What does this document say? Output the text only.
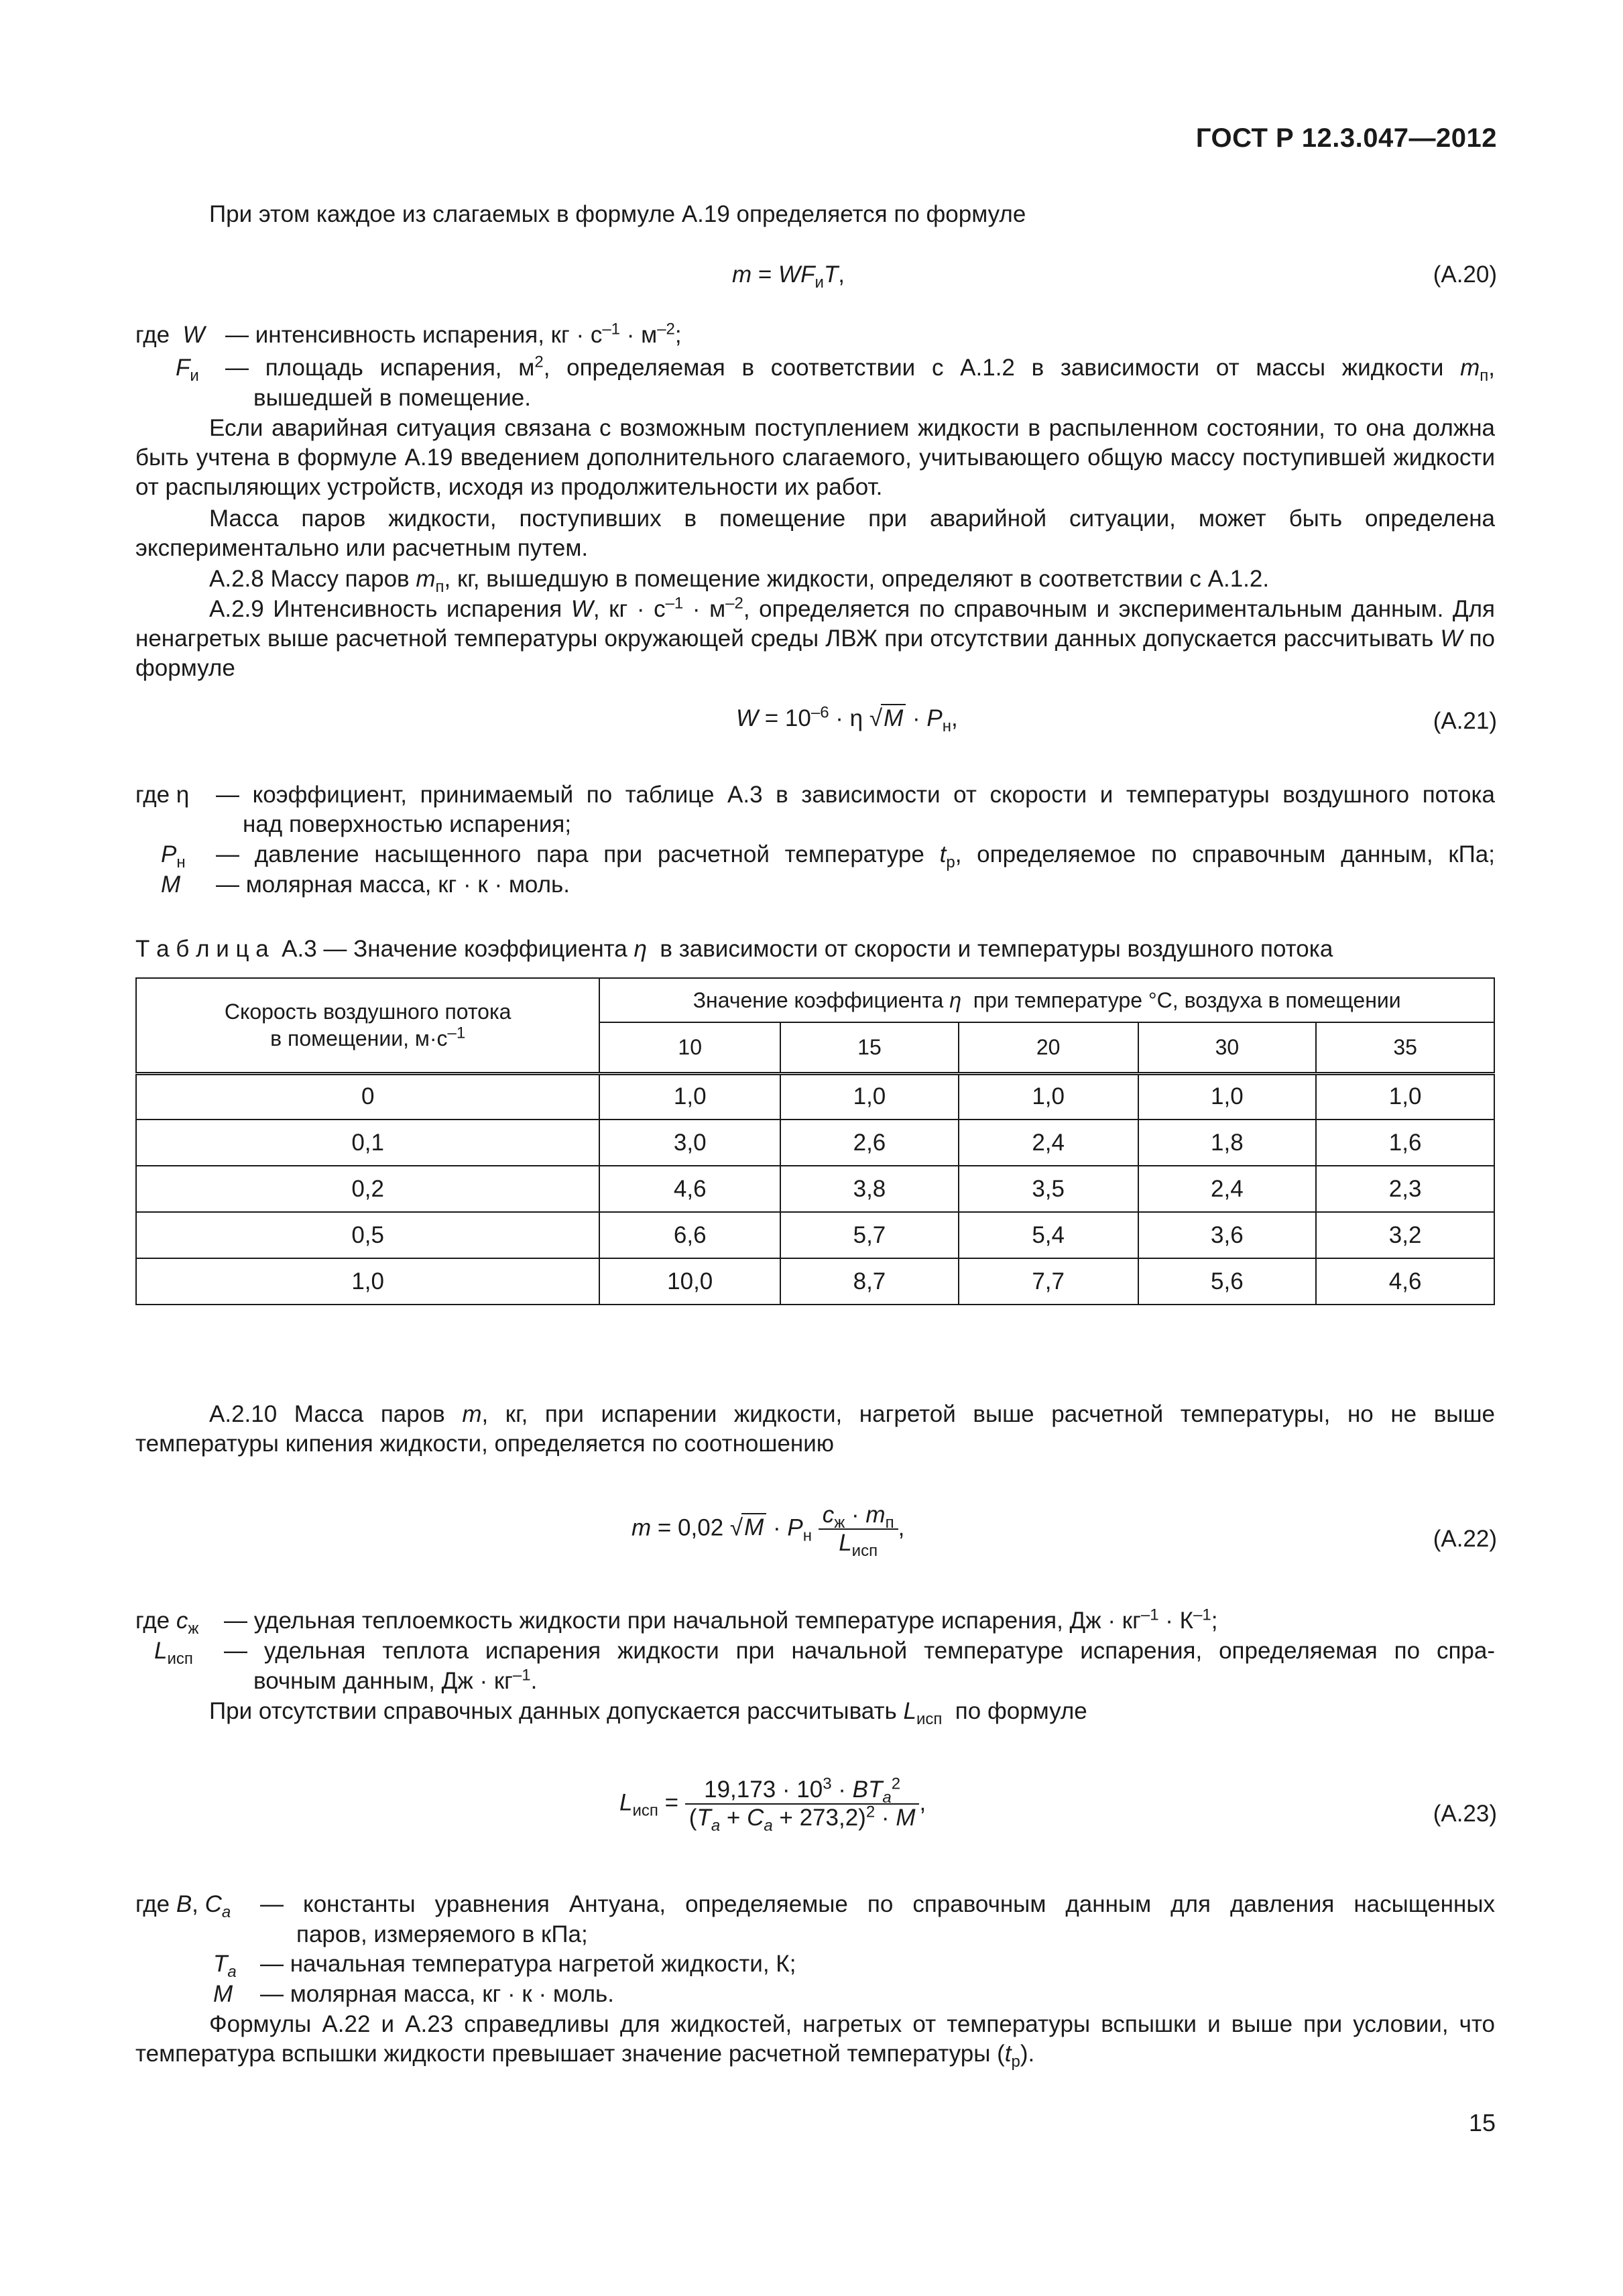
ГОСТ Р 12.3.047—2012
При этом каждое из слагаемых в формуле А.19 определяется по формуле
$m = WF_иT$,	(А.20)
где  W — интенсивность испарения, кг · $с^{-1} \cdot м^{-2}$;
$F_и$ — площадь испарения, $м^2$, определяемая в соответствии с А.1.2 в зависимости от массы жидкости $m_п$,
вышедшей в помещение.
Если аварийная ситуация связана с возможным поступлением жидкости в распыленном состоянии, то она должна быть учтена в формуле А.19 введением дополнительного слагаемого, учитывающего общую массу поступившей жидкости от распыляющих устройств, исходя из продолжительности их работ.
Масса паров жидкости, поступивших в помещение при аварийной ситуации, может быть определена экспериментально или расчетным путем.
А.2.8 Массу паров $m_п$, кг, вышедшую в помещение жидкости, определяют в соответствии с А.1.2.
А.2.9 Интенсивность испарения W, кг · $с^{-1} \cdot м^{-2}$, определяется по справочным и экспериментальным данным. Для ненагретых выше расчетной температуры окружающей среды ЛВЖ при отсутствии данных допускается рассчитывать W по формуле
$W = 10^{-6} \cdot \eta$ $√M \cdot P_н$,	(А.21)
где η — коэффициент, принимаемый по таблице А.3 в зависимости от скорости и температуры воздушного потока
над поверхностью испарения;
$P_н$ — давление насыщенного пара при расчетной температуре $t_р$, определяемое по справочным данным, кПа;
M — молярная масса, кг · к · моль.
Т а б л и ц а  А.3 — Значение коэффициента η  в зависимости от скорости и температуры воздушного потока
Скорость воздушного потока
в помещении, $м\cdot с^{-1}$	Значение коэффициента η  при температуре °С, воздуха в помещении				
	10	15	20	30	35
0	1,0	1,0	1,0	1,0	1,0
0,1	3,0	2,6	2,4	1,8	1,6
0,2	4,6	3,8	3,5	2,4	2,3
0,5	6,6	5,7	5,4	3,6	3,2
1,0	10,0	8,7	7,7	5,6	4,6
А.2.10 Масса паров m, кг, при испарении жидкости, нагретой выше расчетной температуры, но не выше температуры кипения жидкости, определяется по соотношению
m = 0,02 $√M \cdot P_н \frac{c_ж \cdot m_п}{L_{исп}}$ ,	(А.22)
где $c_ж$ — удельная теплоемкость жидкости при начальной температуре испарения, Дж · $кг^{-1} \cdot К^{-1}$;
$L_{исп}$ — удельная теплота испарения жидкости при начальной температуре испарения, определяемая по спра-
вочным данным, Дж · $кг^{-1}$.
При отсутствии справочных данных допускается рассчитывать $L_{исп}$  по формуле
$L_{исп} = \frac{19,173 \cdot 10^3 \cdot BT_a^2}{(T_a + C_a + 273,2)^2 \cdot M}$ ,	(А.23)
где B, $C_a$ — константы уравнения Антуана, определяемые по справочным данным для давления насыщенных
паров, измеряемого в кПа;
$T_a$ — начальная температура нагретой жидкости, К;
M — молярная масса, кг · к · моль.
Формулы А.22 и А.23 справедливы для жидкостей, нагретых от температуры вспышки и выше при условии, что температура вспышки жидкости превышает значение расчетной температуры $(t_р)$.
15
